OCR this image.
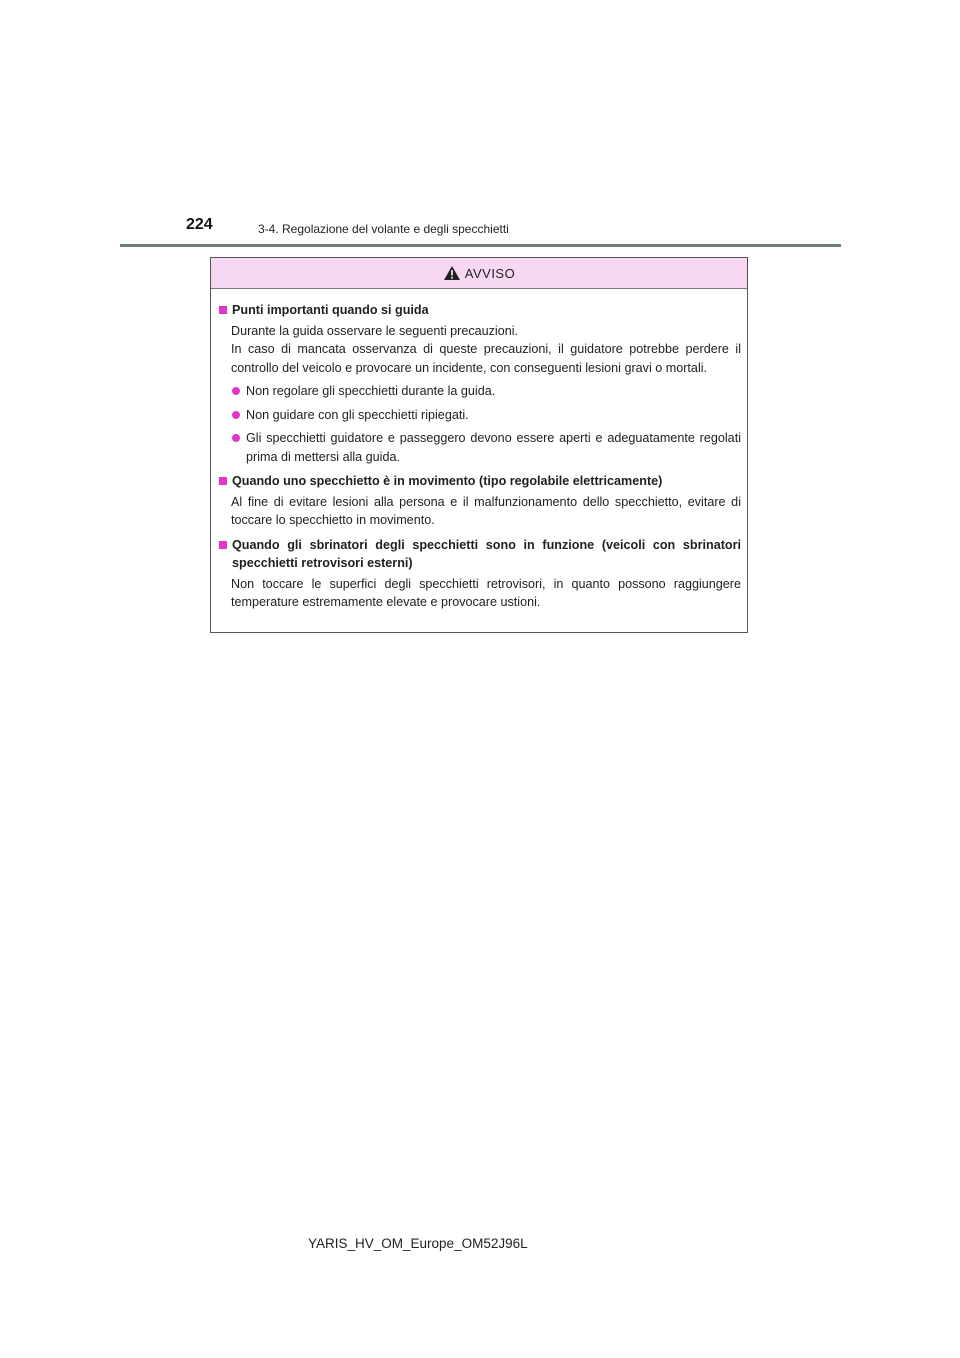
224	3-4. Regolazione del volante e degli specchietti
AVVISO
Punti importanti quando si guida
Durante la guida osservare le seguenti precauzioni.
In caso di mancata osservanza di queste precauzioni, il guidatore potrebbe perdere il controllo del veicolo e provocare un incidente, con conseguenti lesioni gravi o mortali.
Non regolare gli specchietti durante la guida.
Non guidare con gli specchietti ripiegati.
Gli specchietti guidatore e passeggero devono essere aperti e adeguatamente regolati prima di mettersi alla guida.
Quando uno specchietto è in movimento (tipo regolabile elettricamente)
Al fine di evitare lesioni alla persona e il malfunzionamento dello specchietto, evitare di toccare lo specchietto in movimento.
Quando gli sbrinatori degli specchietti sono in funzione (veicoli con sbrinatori specchietti retrovisori esterni)
Non toccare le superfici degli specchietti retrovisori, in quanto possono raggiungere temperature estremamente elevate e provocare ustioni.
YARIS_HV_OM_Europe_OM52J96L
